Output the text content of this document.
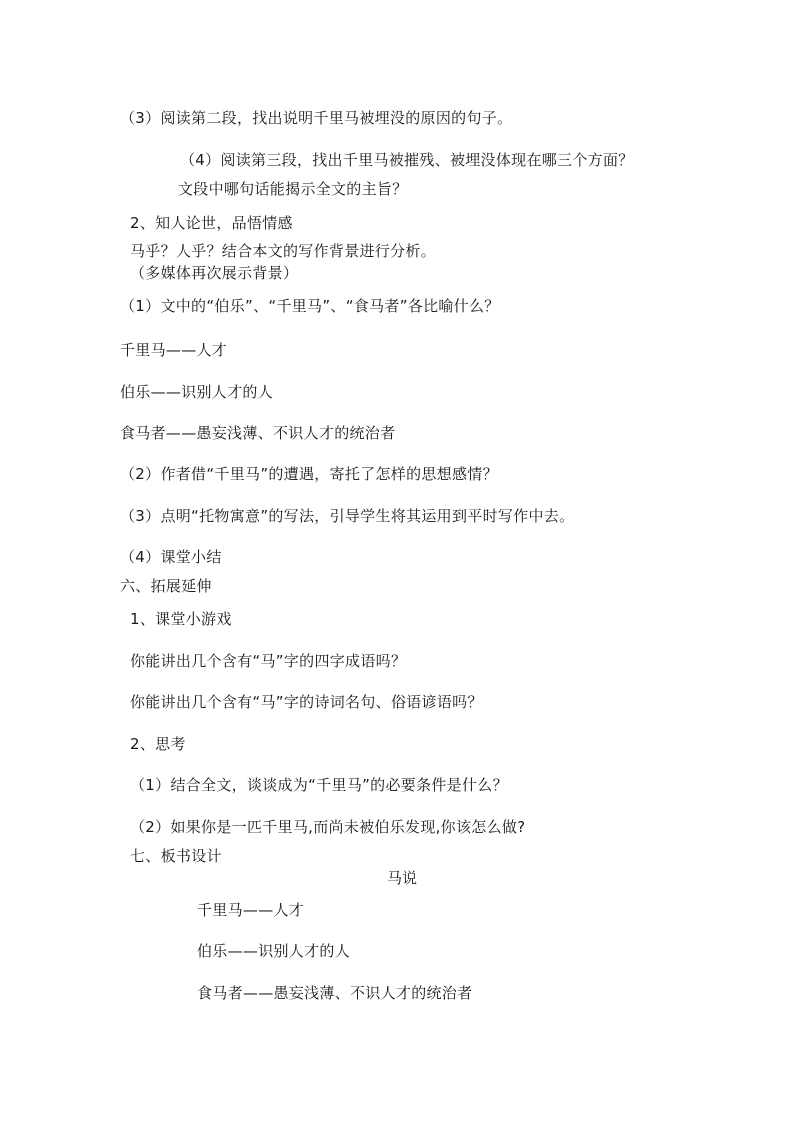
（3）阅读第二段，找出说明千里马被埋没的原因的句子。
（4）阅读第三段，找出千里马被摧残、被埋没体现在哪三个方面？
文段中哪句话能揭示全文的主旨？
2、知人论世，品悟情感
马乎？人乎？结合本文的写作背景进行分析。
（多媒体再次展示背景）
（1）文中的“伯乐”、“千里马”、“食马者”各比喻什么？
千里马——人才
伯乐——识别人才的人
食马者——愚妄浅薄、不识人才的统治者
（2）作者借“千里马”的遭遇，寄托了怎样的思想感情？
（3）点明“托物寓意”的写法，引导学生将其运用到平时写作中去。
（4）课堂小结
六、拓展延伸
1、课堂小游戏
你能讲出几个含有“马”字的四字成语吗？
你能讲出几个含有“马”字的诗词名句、俗语谚语吗？
2、思考
（1）结合全文，谈谈成为“千里马”的必要条件是什么？
（2）如果你是一匹千里马,而尚未被伯乐发现,你该怎么做?
七、板书设计
马说
千里马——人才
伯乐——识别人才的人
食马者——愚妄浅薄、不识人才的统治者
